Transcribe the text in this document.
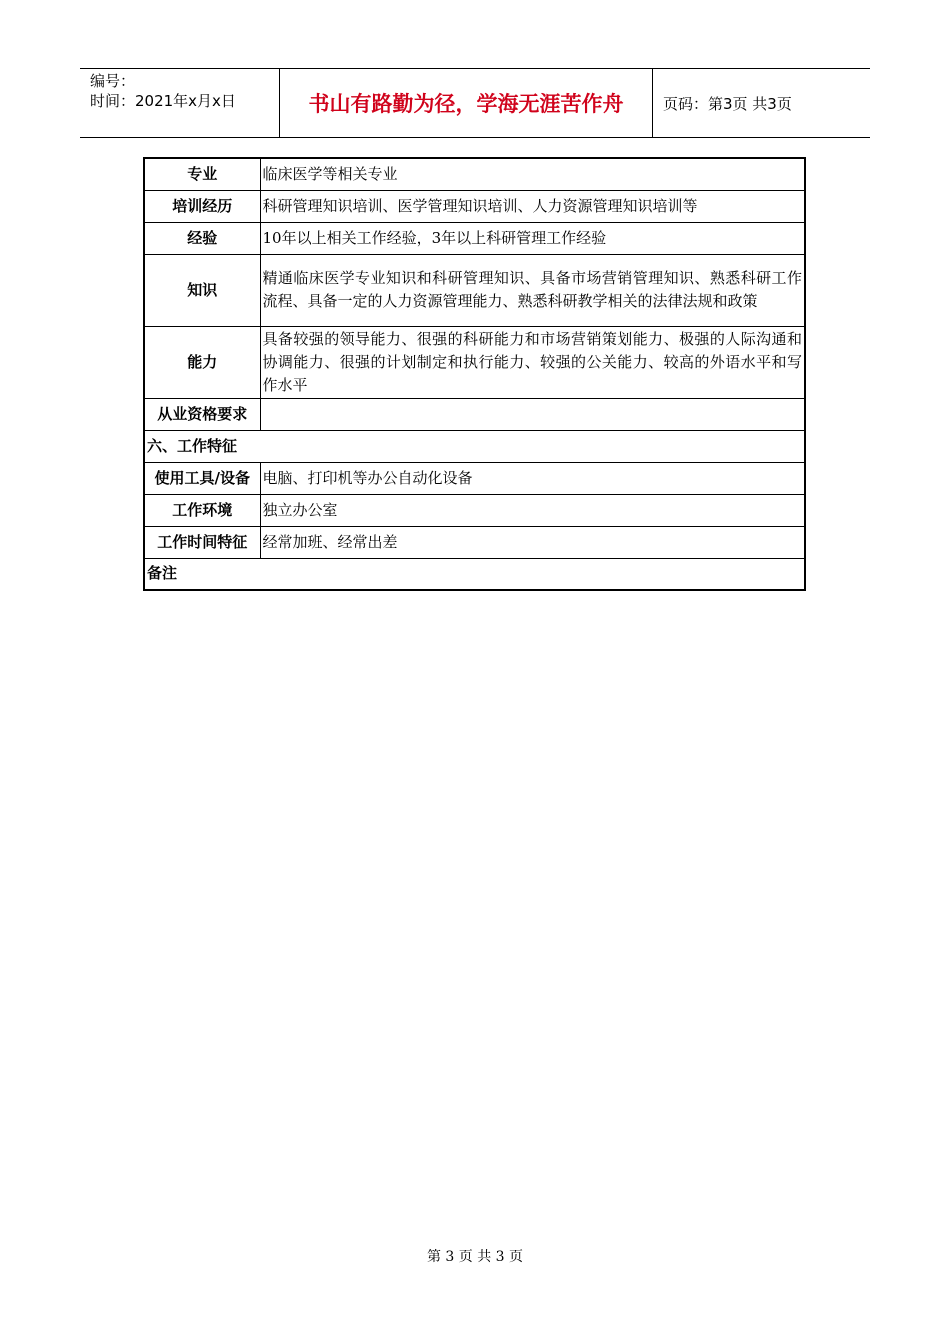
编号：
时间：2021年x月x日	书山有路勤为径，学海无涯苦作舟	页码：第3页 共3页
专业	临床医学等相关专业
培训经历	科研管理知识培训、医学管理知识培训、人力资源管理知识培训等
经验	10年以上相关工作经验，3年以上科研管理工作经验
知识	精通临床医学专业知识和科研管理知识、具备市场营销管理知识、熟悉科研工作流程、具备一定的人力资源管理能力、熟悉科研教学相关的法律法规和政策
能力	具备较强的领导能力、很强的科研能力和市场营销策划能力、极强的人际沟通和协调能力、很强的计划制定和执行能力、较强的公关能力、较高的外语水平和写作水平
从业资格要求	
六、工作特征	
使用工具/设备	电脑、打印机等办公自动化设备
工作环境	独立办公室
工作时间特征	经常加班、经常出差
备注	
第 3 页 共 3 页
